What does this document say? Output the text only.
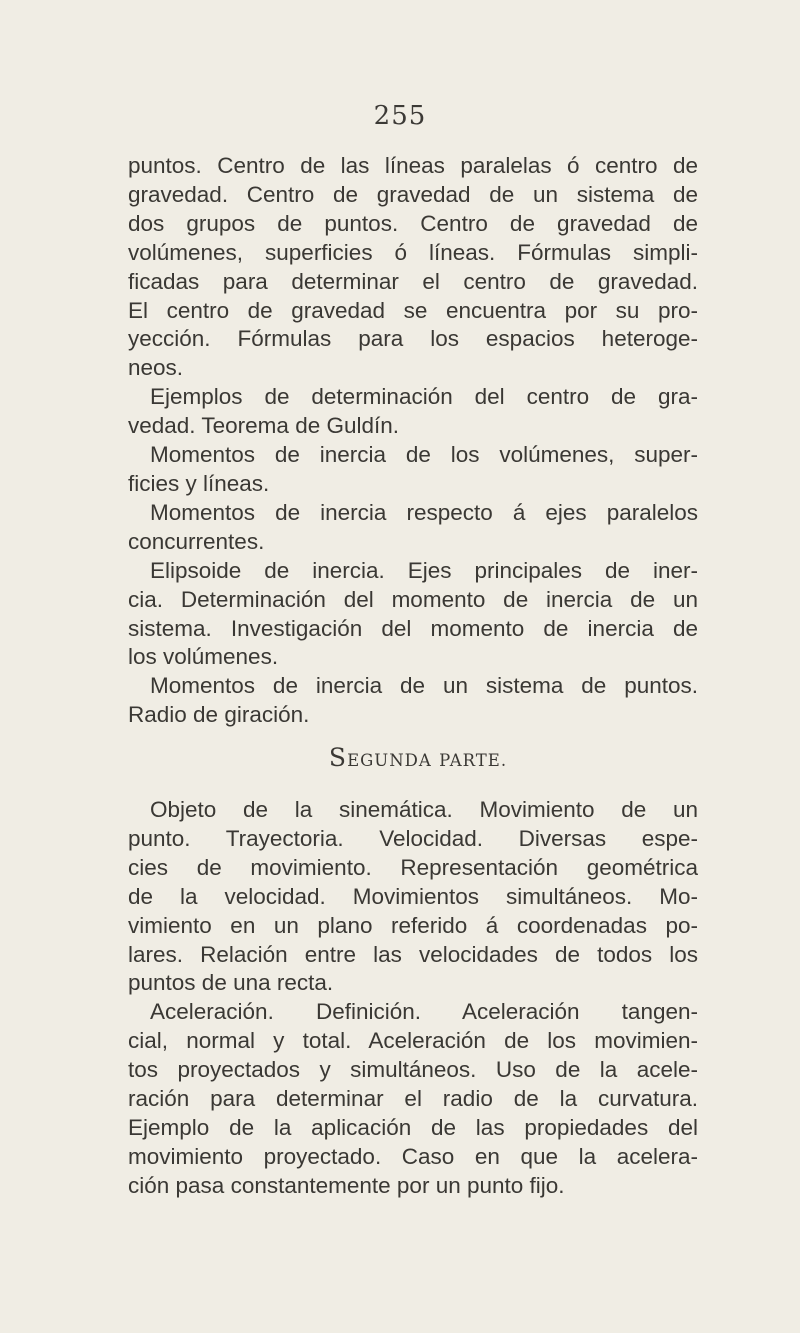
255
puntos. Centro de las líneas paralelas ó centro de
gravedad. Centro de gravedad de un sistema de
dos grupos de puntos. Centro de gravedad de
volúmenes, superficies ó líneas. Fórmulas simpli-
ficadas para determinar el centro de gravedad.
El centro de gravedad se encuentra por su pro-
yección. Fórmulas para los espacios heteroge-
neos.
Ejemplos de determinación del centro de gra-
vedad. Teorema de Guldín.
Momentos de inercia de los volúmenes, super-
ficies y líneas.
Momentos de inercia respecto á ejes paralelos
concurrentes.
Elipsoide de inercia. Ejes principales de iner-
cia. Determinación del momento de inercia de un
sistema. Investigación del momento de inercia de
los volúmenes.
Momentos de inercia de un sistema de puntos.
Radio de giración.
SEGUNDA PARTE.
Objeto de la sinemática. Movimiento de un
punto. Trayectoria. Velocidad. Diversas espe-
cies de movimiento. Representación geométrica
de la velocidad. Movimientos simultáneos. Mo-
vimiento en un plano referido á coordenadas po-
lares. Relación entre las velocidades de todos los
puntos de una recta.
Aceleración. Definición. Aceleración tangen-
cial, normal y total. Aceleración de los movimien-
tos proyectados y simultáneos. Uso de la acele-
ración para determinar el radio de la curvatura.
Ejemplo de la aplicación de las propiedades del
movimiento proyectado. Caso en que la acelera-
ción pasa constantemente por un punto fijo.
